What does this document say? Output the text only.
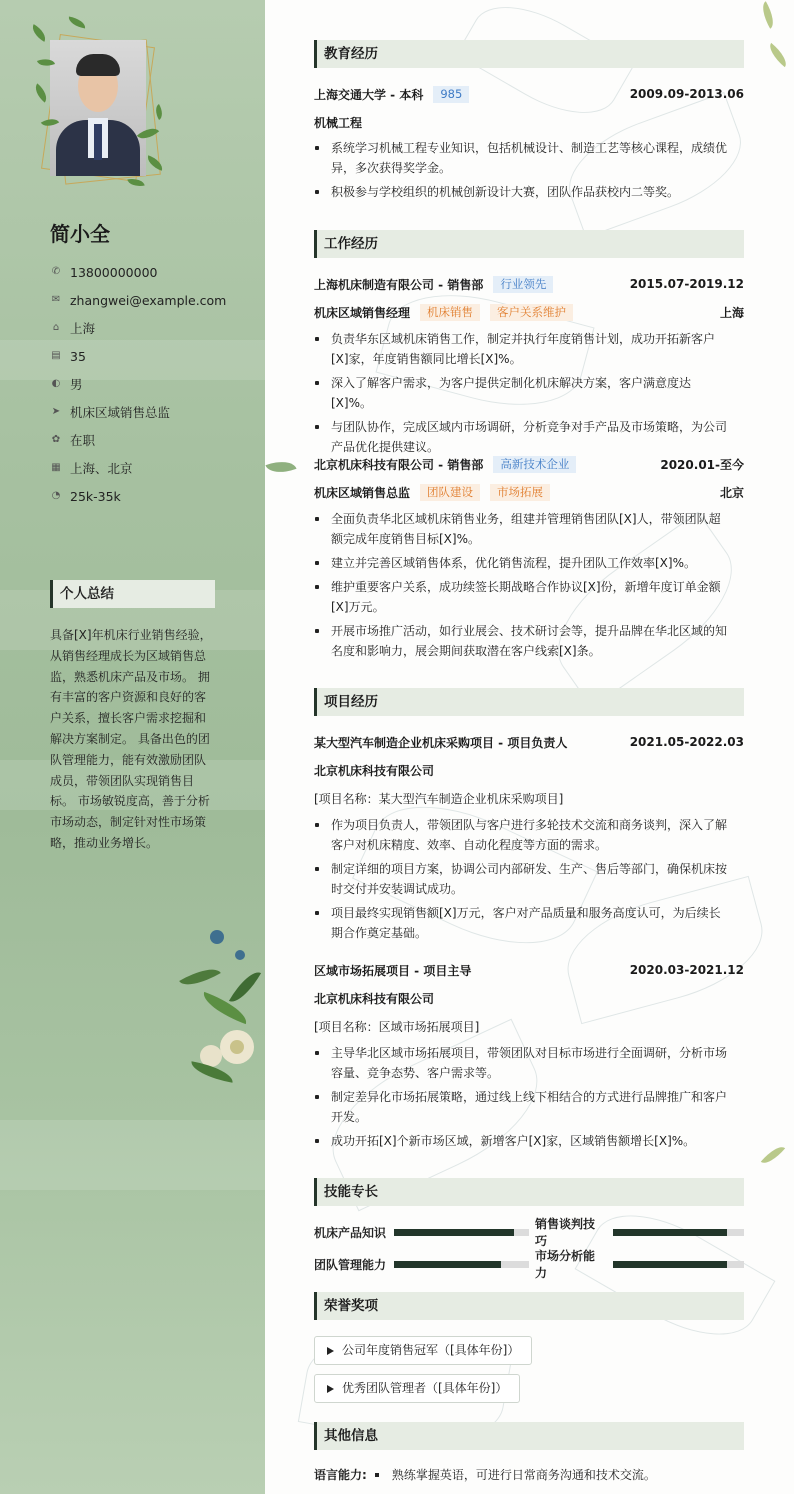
简小全
✆ 13800000000
✉ zhangwei@example.com
⌂ 上海
▤ 35
◐ 男
➤ 机床区域销售总监
✿ 在职
▦ 上海、北京
◔ 25k-35k
个人总结
具备[X]年机床行业销售经验，从销售经理成长为区域销售总监，熟悉机床产品及市场。 拥有丰富的客户资源和良好的客户关系，擅长客户需求挖掘和解决方案制定。 具备出色的团队管理能力，能有效激励团队成员，带领团队实现销售目标。 市场敏锐度高，善于分析市场动态，制定针对性市场策略，推动业务增长。
教育经历
上海交通大学 - 本科	985	2009.09-2013.06
机械工程
系统学习机械工程专业知识，包括机械设计、制造工艺等核心课程，成绩优异，多次获得奖学金。
积极参与学校组织的机械创新设计大赛，团队作品获校内二等奖。
工作经历
上海机床制造有限公司 - 销售部	行业领先	2015.07-2019.12
机床区域销售经理	机床销售	客户关系维护	上海
负责华东区域机床销售工作，制定并执行年度销售计划，成功开拓新客户[X]家，年度销售额同比增长[X]%。
深入了解客户需求，为客户提供定制化机床解决方案，客户满意度达[X]%。
与团队协作，完成区域内市场调研，分析竞争对手产品及市场策略，为公司产品优化提供建议。
北京机床科技有限公司 - 销售部	高新技术企业	2020.01-至今
机床区域销售总监	团队建设	市场拓展	北京
全面负责华北区域机床销售业务，组建并管理销售团队[X]人，带领团队超额完成年度销售目标[X]%。
建立并完善区域销售体系，优化销售流程，提升团队工作效率[X]%。
维护重要客户关系，成功续签长期战略合作协议[X]份，新增年度订单金额[X]万元。
开展市场推广活动，如行业展会、技术研讨会等，提升品牌在华北区域的知名度和影响力，展会期间获取潜在客户线索[X]条。
项目经历
某大型汽车制造企业机床采购项目 - 项目负责人	2021.05-2022.03
北京机床科技有限公司
[项目名称：某大型汽车制造企业机床采购项目]
作为项目负责人，带领团队与客户进行多轮技术交流和商务谈判，深入了解客户对机床精度、效率、自动化程度等方面的需求。
制定详细的项目方案，协调公司内部研发、生产、售后等部门，确保机床按时交付并安装调试成功。
项目最终实现销售额[X]万元，客户对产品质量和服务高度认可，为后续长期合作奠定基础。
区域市场拓展项目 - 项目主导	2020.03-2021.12
北京机床科技有限公司
[项目名称：区域市场拓展项目]
主导华北区域市场拓展项目，带领团队对目标市场进行全面调研，分析市场容量、竞争态势、客户需求等。
制定差异化市场拓展策略，通过线上线下相结合的方式进行品牌推广和客户开发。
成功开拓[X]个新市场区域，新增客户[X]家，区域销售额增长[X]%。
技能专长
机床产品知识
销售谈判技巧
团队管理能力
市场分析能力
荣誉奖项
公司年度销售冠军（[具体年份]）
优秀团队管理者（[具体年份]）
其他信息
语言能力: 熟练掌握英语，可进行日常商务沟通和技术交流。
